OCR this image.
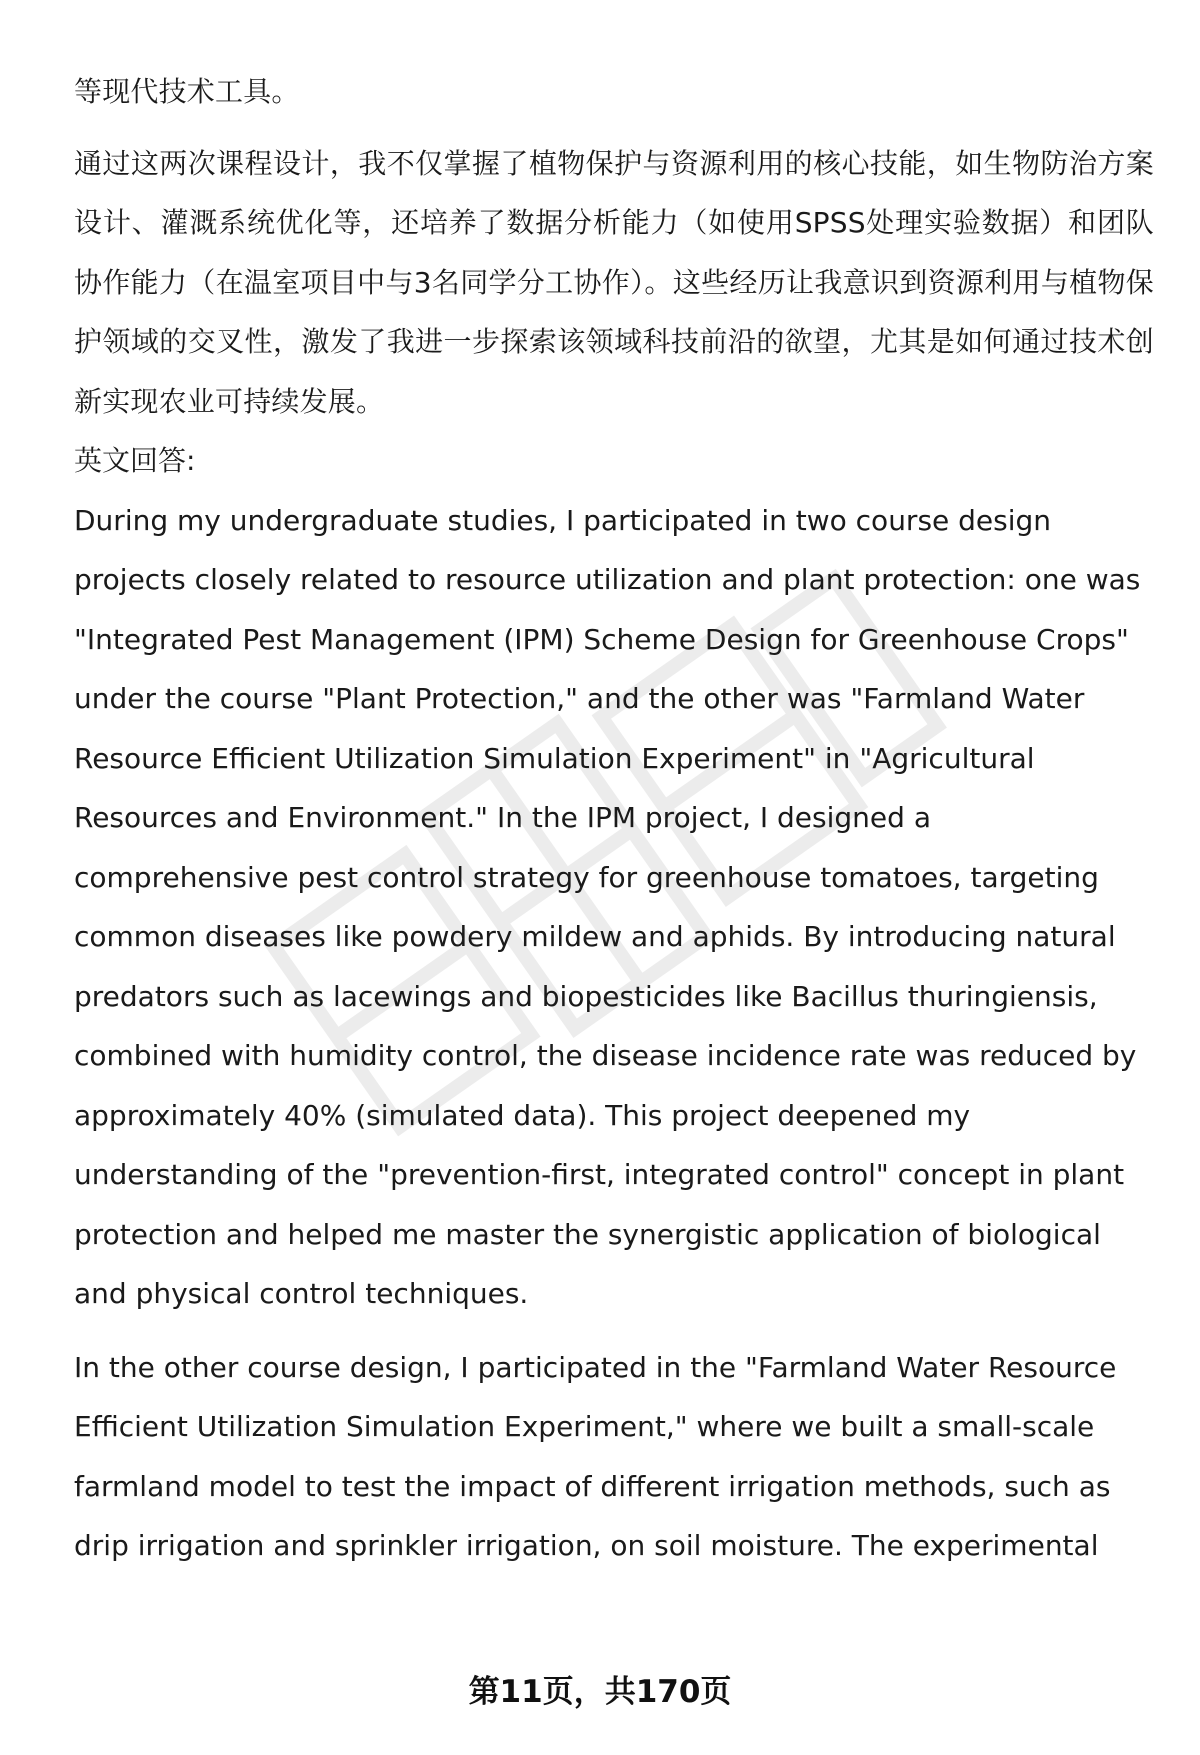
等现代技术工具。

通过这两次课程设计，我不仅掌握了植物保护与资源利用的核心技能，如生物防治方案设计、灌溉系统优化等，还培养了数据分析能力（如使用SPSS处理实验数据）和团队协作能力（在温室项目中与3名同学分工协作）。这些经历让我意识到资源利用与植物保护领域的交叉性，激发了我进一步探索该领域科技前沿的欲望，尤其是如何通过技术创新实现农业可持续发展。

英文回答:

During my undergraduate studies, I participated in two course design projects closely related to resource utilization and plant protection: one was "Integrated Pest Management (IPM) Scheme Design for Greenhouse Crops" under the course "Plant Protection," and the other was "Farmland Water Resource Efficient Utilization Simulation Experiment" in "Agricultural Resources and Environment." In the IPM project, I designed a comprehensive pest control strategy for greenhouse tomatoes, targeting common diseases like powdery mildew and aphids. By introducing natural predators such as lacewings and biopesticides like Bacillus thuringiensis, combined with humidity control, the disease incidence rate was reduced by approximately 40% (simulated data). This project deepened my understanding of the "prevention-first, integrated control" concept in plant protection and helped me master the synergistic application of biological and physical control techniques.

In the other course design, I participated in the "Farmland Water Resource Efficient Utilization Simulation Experiment," where we built a small-scale farmland model to test the impact of different irrigation methods, such as drip irrigation and sprinkler irrigation, on soil moisture. The experimental

第11页，共170页
